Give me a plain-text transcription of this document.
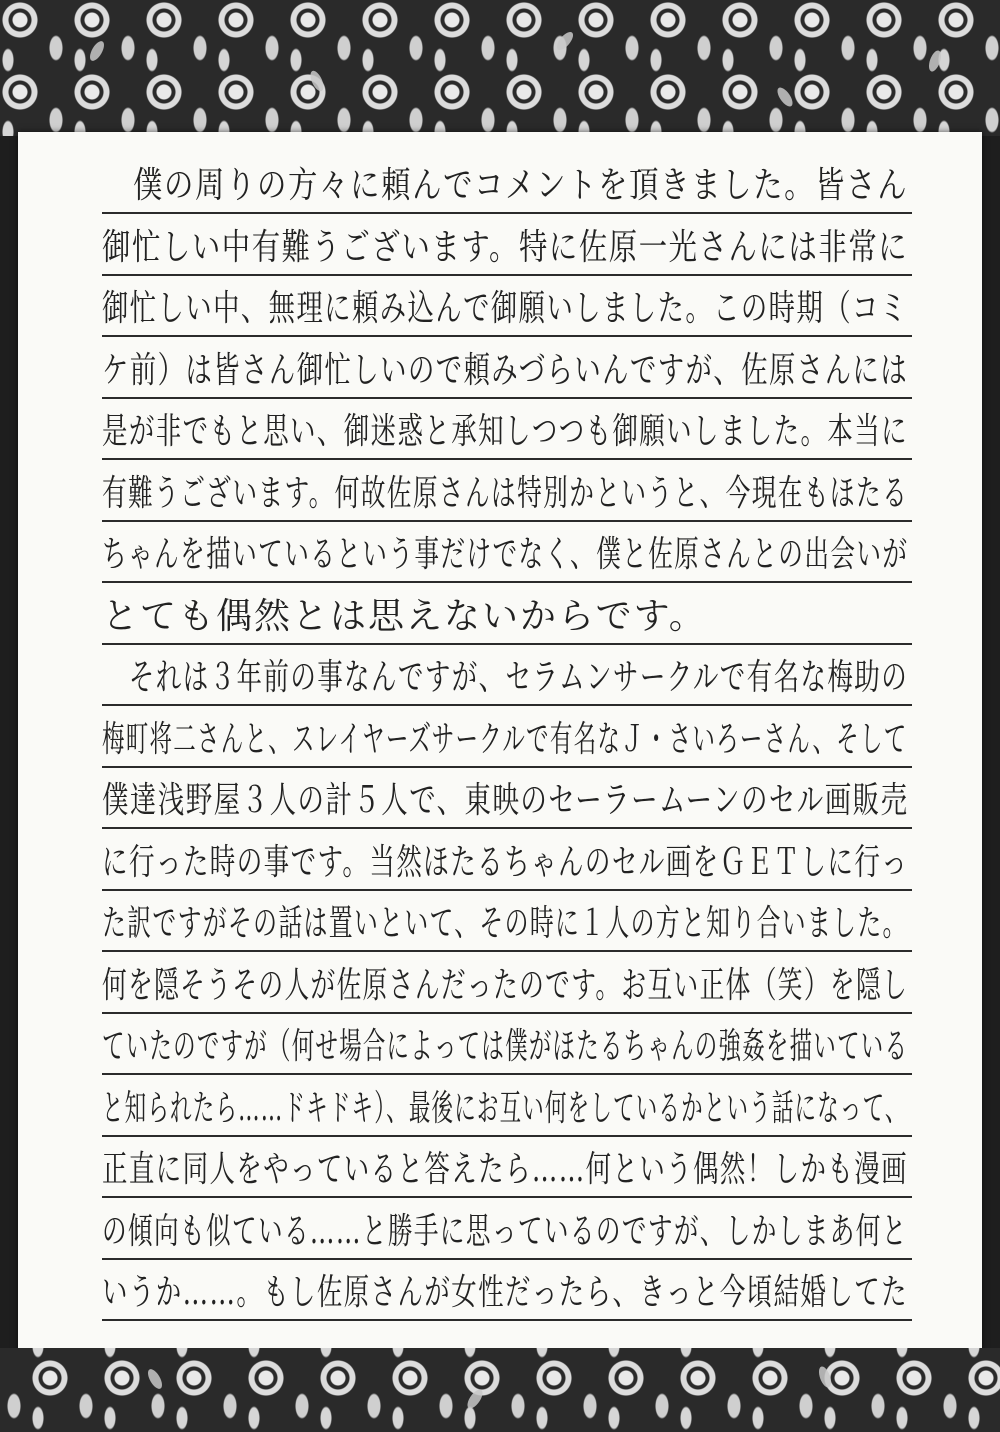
　僕の周りの方々に頼んでコメントを頂きました。皆さん
御忙しい中有難うございます。特に佐原一光さんには非常に
御忙しい中、無理に頼み込んで御願いしました。この時期（コミ
ケ前）は皆さん御忙しいので頼みづらいんですが、佐原さんには
是が非でもと思い、御迷惑と承知しつつも御願いしました。本当に
有難うございます。何故佐原さんは特別かというと、今現在もほたる
ちゃんを描いているという事だけでなく、僕と佐原さんとの出会いが
とても偶然とは思えないからです。
　それは３年前の事なんですが、セラムンサークルで有名な梅助の
梅町将二さんと、スレイヤーズサークルで有名なＪ・さいろーさん、そして
僕達浅野屋３人の計５人で、東映のセーラームーンのセル画販売
に行った時の事です。当然ほたるちゃんのセル画をＧＥＴしに行っ
た訳ですがその話は置いといて、その時に１人の方と知り合いました。
何を隠そうその人が佐原さんだったのです。お互い正体（笑）を隠し
ていたのですが（何せ場合によっては僕がほたるちゃんの強姦を描いている
と知られたら……ドキドキ）、最後にお互い何をしているかという話になって、
正直に同人をやっていると答えたら……何という偶然！しかも漫画
の傾向も似ている……と勝手に思っているのですが、しかしまあ何と
いうか……。もし佐原さんが女性だったら、きっと今頃結婚してた
